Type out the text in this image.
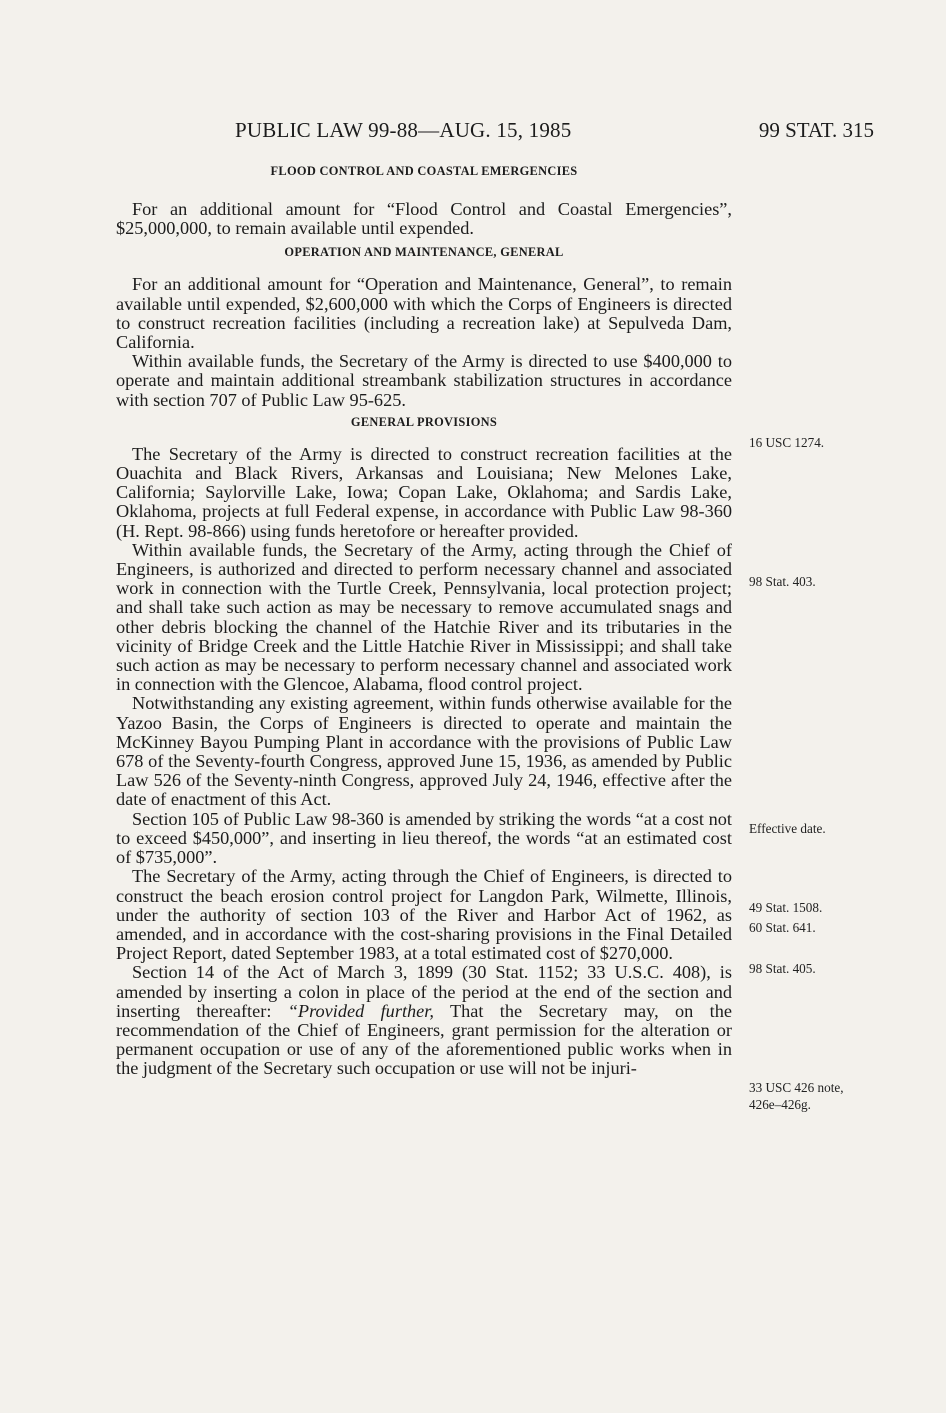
PUBLIC LAW 99-88—AUG. 15, 1985	99 STAT. 315
FLOOD CONTROL AND COASTAL EMERGENCIES

For an additional amount for “Flood Control and Coastal Emergencies”, $25,000,000, to remain available until expended.

OPERATION AND MAINTENANCE, GENERAL

For an additional amount for “Operation and Maintenance, General”, to remain available until expended, $2,600,000 with which the Corps of Engineers is directed to construct recreation facilities (including a recreation lake) at Sepulveda Dam, California.

Within available funds, the Secretary of the Army is directed to use $400,000 to operate and maintain additional streambank stabilization structures in accordance with section 707 of Public Law 95-625.

GENERAL PROVISIONS

The Secretary of the Army is directed to construct recreation facilities at the Ouachita and Black Rivers, Arkansas and Louisiana; New Melones Lake, California; Saylorville Lake, Iowa; Copan Lake, Oklahoma; and Sardis Lake, Oklahoma, projects at full Federal expense, in accordance with Public Law 98-360 (H. Rept. 98-866) using funds heretofore or hereafter provided.

Within available funds, the Secretary of the Army, acting through the Chief of Engineers, is authorized and directed to perform necessary channel and associated work in connection with the Turtle Creek, Pennsylvania, local protection project; and shall take such action as may be necessary to remove accumulated snags and other debris blocking the channel of the Hatchie River and its tributaries in the vicinity of Bridge Creek and the Little Hatchie River in Mississippi; and shall take such action as may be necessary to perform necessary channel and associated work in connection with the Glencoe, Alabama, flood control project.

Notwithstanding any existing agreement, within funds otherwise available for the Yazoo Basin, the Corps of Engineers is directed to operate and maintain the McKinney Bayou Pumping Plant in accordance with the provisions of Public Law 678 of the Seventy-fourth Congress, approved June 15, 1936, as amended by Public Law 526 of the Seventy-ninth Congress, approved July 24, 1946, effective after the date of enactment of this Act.

Section 105 of Public Law 98-360 is amended by striking the words “at a cost not to exceed $450,000”, and inserting in lieu thereof, the words “at an estimated cost of $735,000”.

The Secretary of the Army, acting through the Chief of Engineers, is directed to construct the beach erosion control project for Langdon Park, Wilmette, Illinois, under the authority of section 103 of the River and Harbor Act of 1962, as amended, and in accordance with the cost-sharing provisions in the Final Detailed Project Report, dated September 1983, at a total estimated cost of $270,000.

Section 14 of the Act of March 3, 1899 (30 Stat. 1152; 33 U.S.C. 408), is amended by inserting a colon in place of the period at the end of the section and inserting thereafter: “Provided further, That the Secretary may, on the recommendation of the Chief of Engineers, grant permission for the alteration or permanent occupation or use of any of the aforementioned public works when in the judgment of the Secretary such occupation or use will not be injuri-

16 USC 1274.
98 Stat. 403.
Effective date.
49 Stat. 1508.
60 Stat. 641.
98 Stat. 405.
33 USC 426 note,
426e–426g.
